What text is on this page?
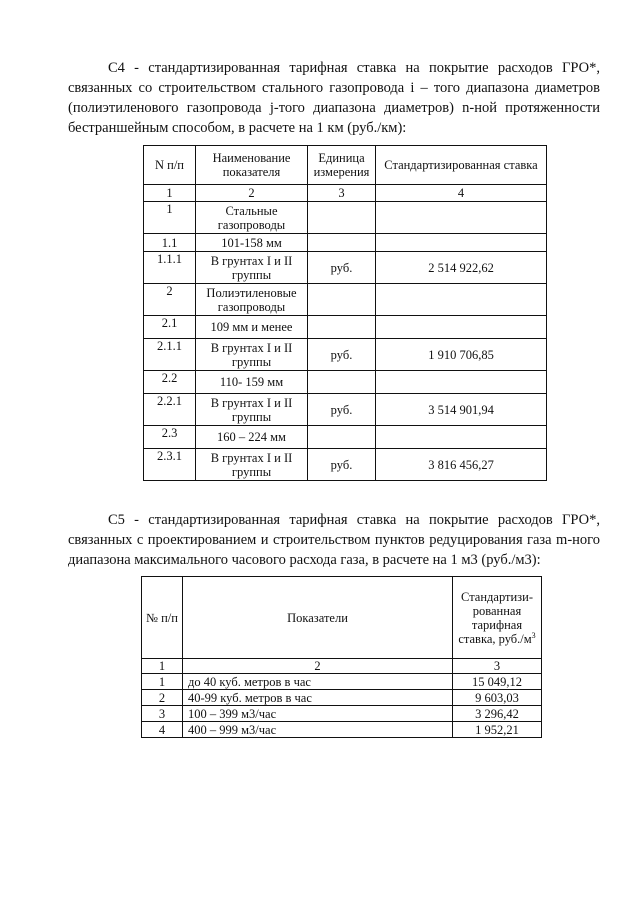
С4 - стандартизированная тарифная ставка на покрытие расходов ГРО*, связанных со строительством стального газопровода i – того диапазона диаметров (полиэтиленового газопровода j-того диапазона диаметров) n-ной протяженности бестраншейным способом, в расчете на 1 км (руб./км):

N п/п	Наименование показателя	Единица измерения	Стандартизированная ставка
1	2	3	4
1	Стальные газопроводы		
1.1	101-158 мм		
1.1.1	В грунтах I и II группы	руб.	2 514 922,62
2	Полиэтиленовые газопроводы		
2.1	109 мм и менее		
2.1.1	В грунтах I и II группы	руб.	1 910 706,85
2.2	110- 159 мм		
2.2.1	В грунтах I и II группы	руб.	3 514 901,94
2.3	160 – 224 мм		
2.3.1	В грунтах I и II группы	руб.	3 816 456,27

С5 - стандартизированная тарифная ставка на покрытие расходов ГРО*, связанных с проектированием и строительством пунктов редуцирования газа m-ного диапазона максимального часового расхода газа, в расчете на 1 м3 (руб./м3):

№ п/п	Показатели	Стандартизи-рованная тарифная ставка, $руб./м^3$
1	2	3
1	до 40 куб. метров в час	15 049,12
2	40-99 куб. метров в час	9 603,03
3	100 – 399 м3/час	3 296,42
4	400 – 999 м3/час	1 952,21
